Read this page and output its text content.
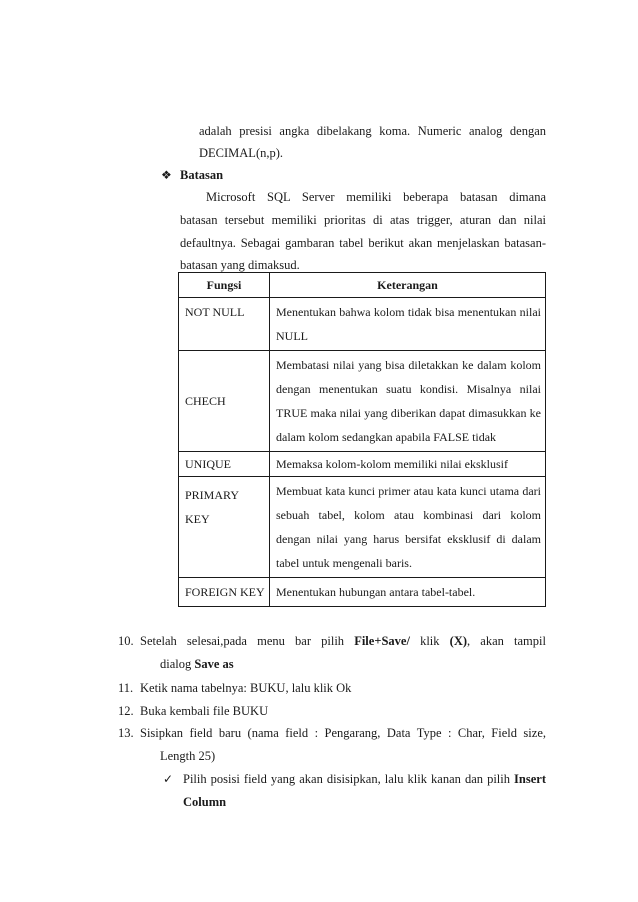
adalah presisi angka dibelakang koma. Numeric analog dengan
DECIMAL(n,p).
❖ Batasan
Microsoft SQL Server memiliki beberapa batasan dimana
batasan tersebut memiliki prioritas di atas trigger, aturan dan nilai
defaultnya. Sebagai gambaran tabel berikut akan menjelaskan batasan-
batasan yang dimaksud.
Fungsi	Keterangan
NOT NULL	Menentukan bahwa kolom tidak bisa menentukan nilai NULL
CHECH	Membatasi nilai yang bisa diletakkan ke dalam kolom dengan menentukan suatu kondisi. Misalnya nilai TRUE maka nilai yang diberikan dapat dimasukkan ke dalam kolom sedangkan apabila FALSE tidak
UNIQUE	Memaksa kolom-kolom memiliki nilai eksklusif
PRIMARY KEY	Membuat kata kunci primer atau kata kunci utama dari sebuah tabel, kolom atau kombinasi dari kolom dengan nilai yang harus bersifat eksklusif di dalam tabel untuk mengenali baris.
FOREIGN KEY	Menentukan hubungan antara tabel-tabel.
10. Setelah selesai,pada menu bar pilih File+Save/ klik (X), akan tampil
dialog Save as
11. Ketik nama tabelnya: BUKU, lalu klik Ok
12. Buka kembali file BUKU
13. Sisipkan field baru (nama field : Pengarang, Data Type : Char, Field size,
Length 25)
✓ Pilih posisi field yang akan disisipkan, lalu klik kanan dan pilih Insert
Column
